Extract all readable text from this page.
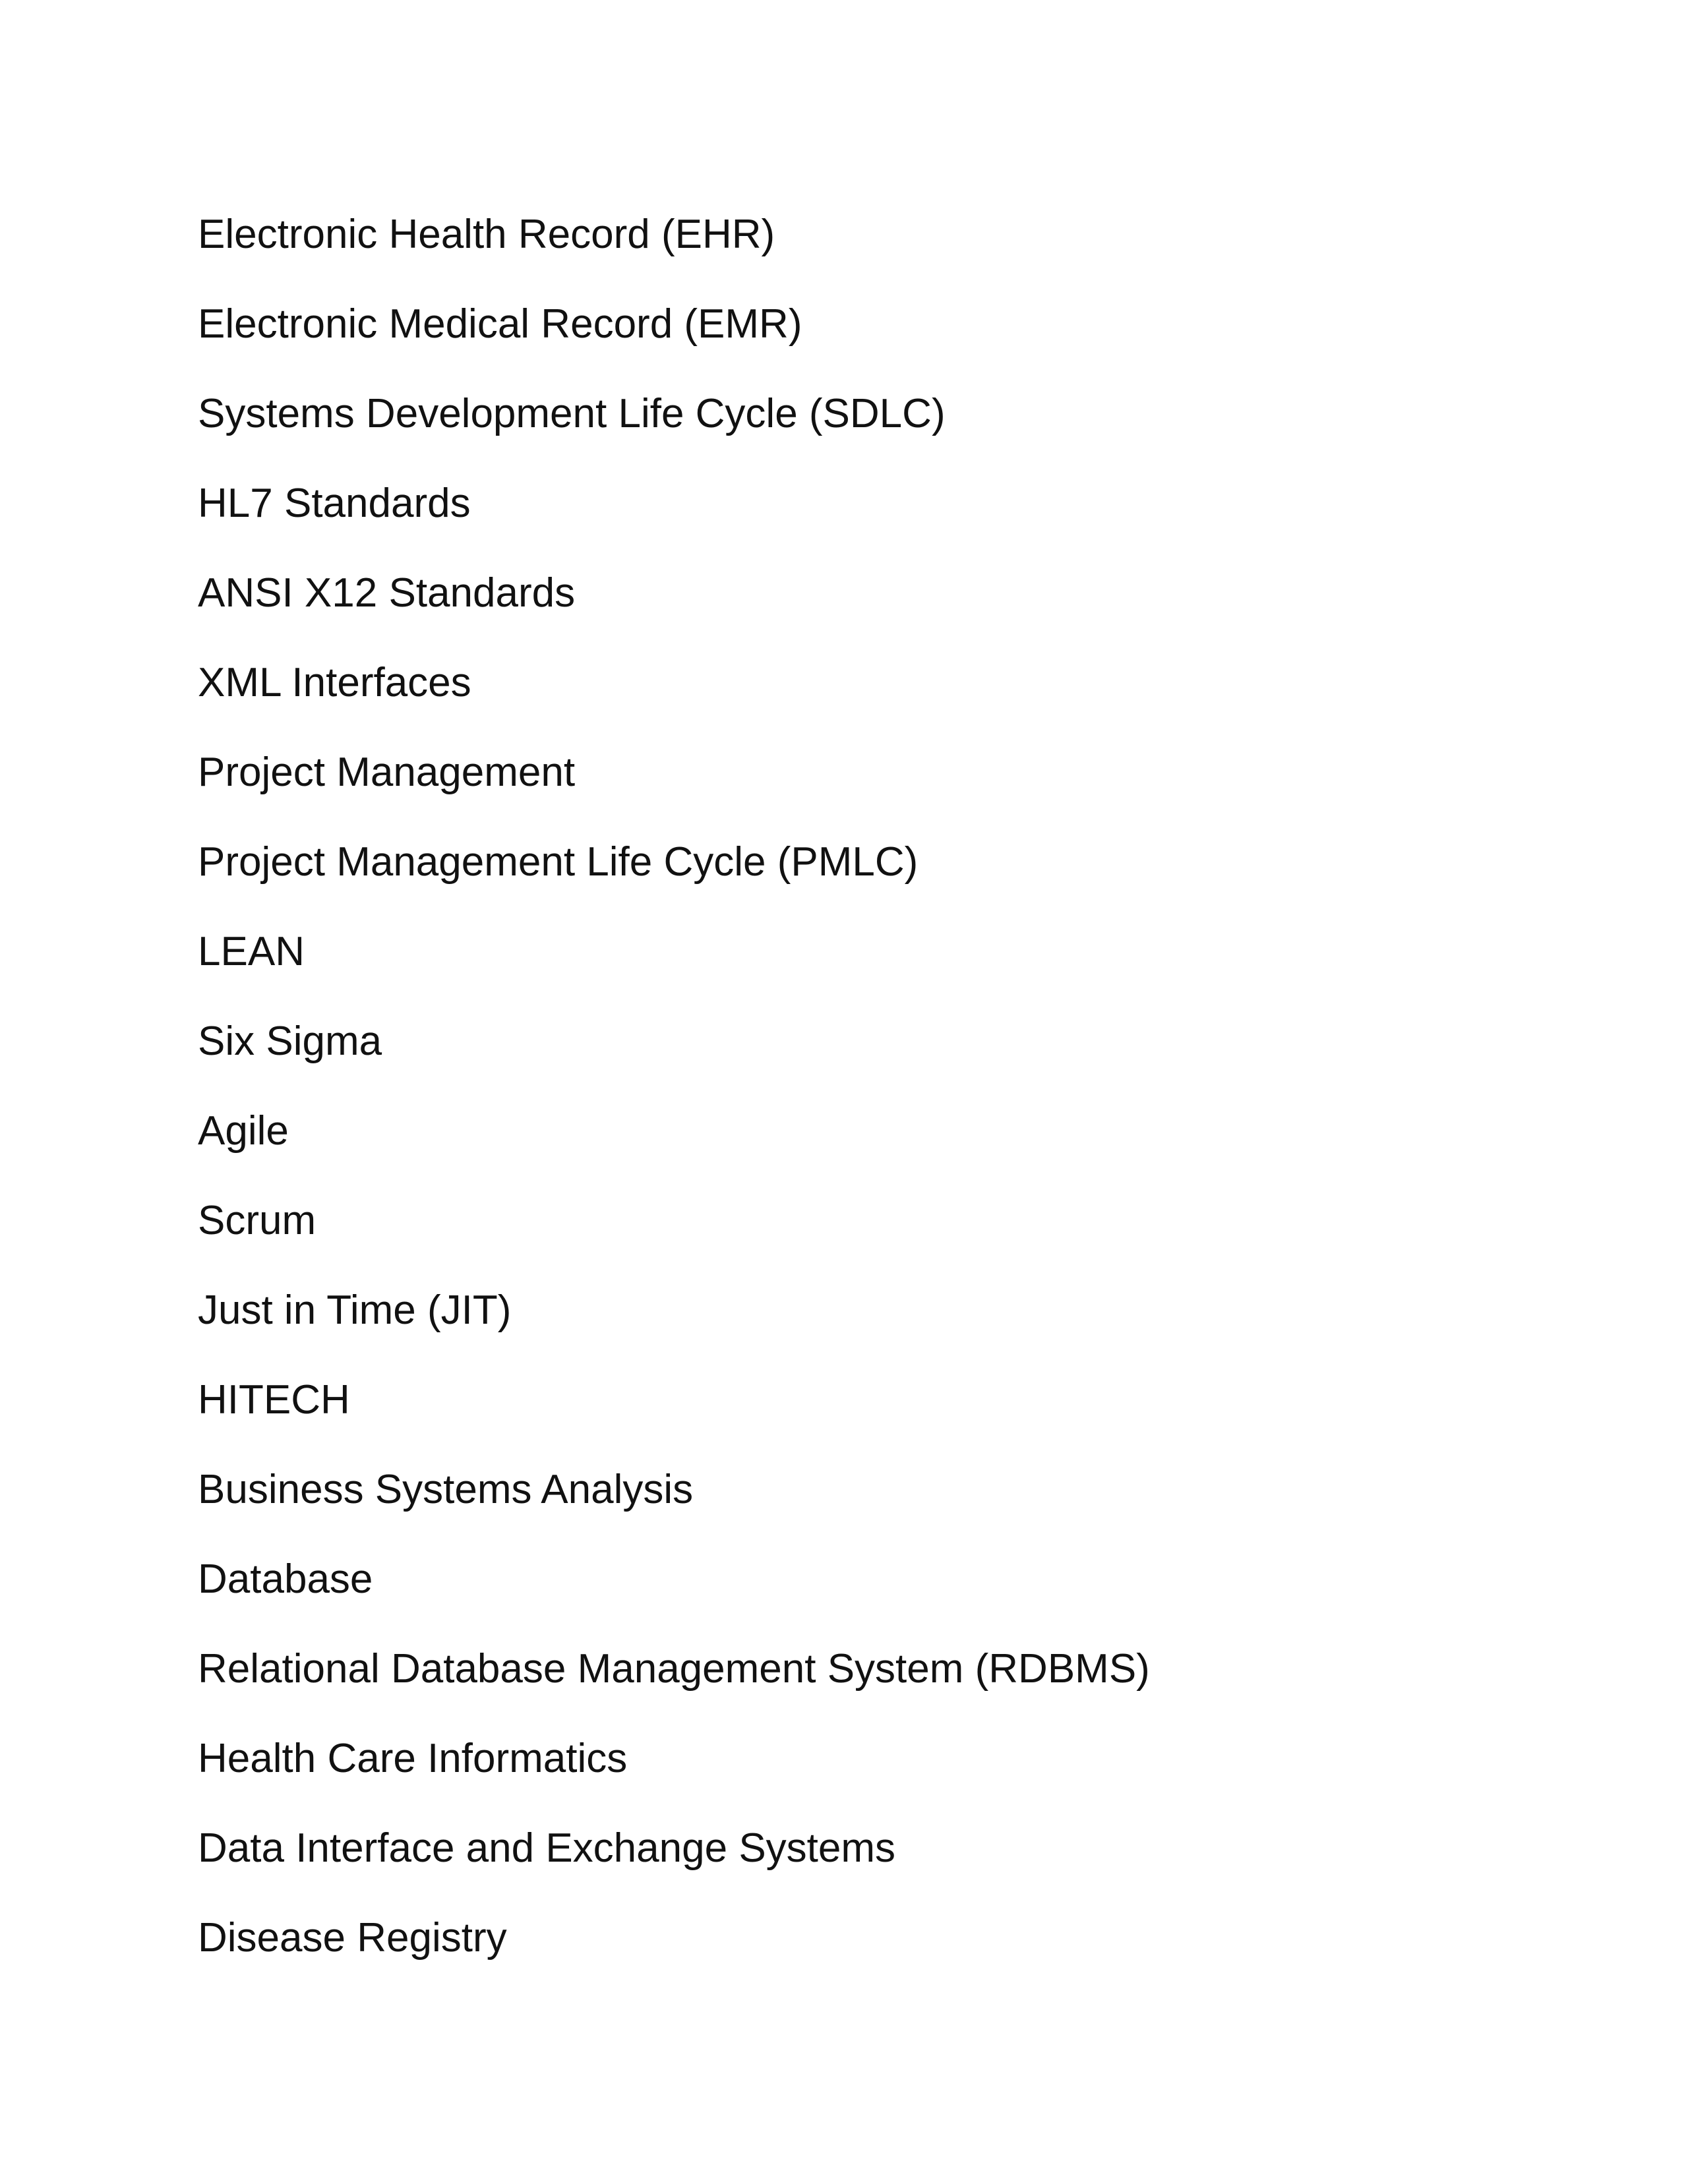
Electronic Health Record (EHR)
Electronic Medical Record (EMR)
Systems Development Life Cycle (SDLC)
HL7 Standards
ANSI X12 Standards
XML Interfaces
Project Management
Project Management Life Cycle (PMLC)
LEAN
Six Sigma
Agile
Scrum
Just in Time (JIT)
HITECH
Business Systems Analysis
Database
Relational Database Management System (RDBMS)
Health Care Informatics
Data Interface and Exchange Systems
Disease Registry
